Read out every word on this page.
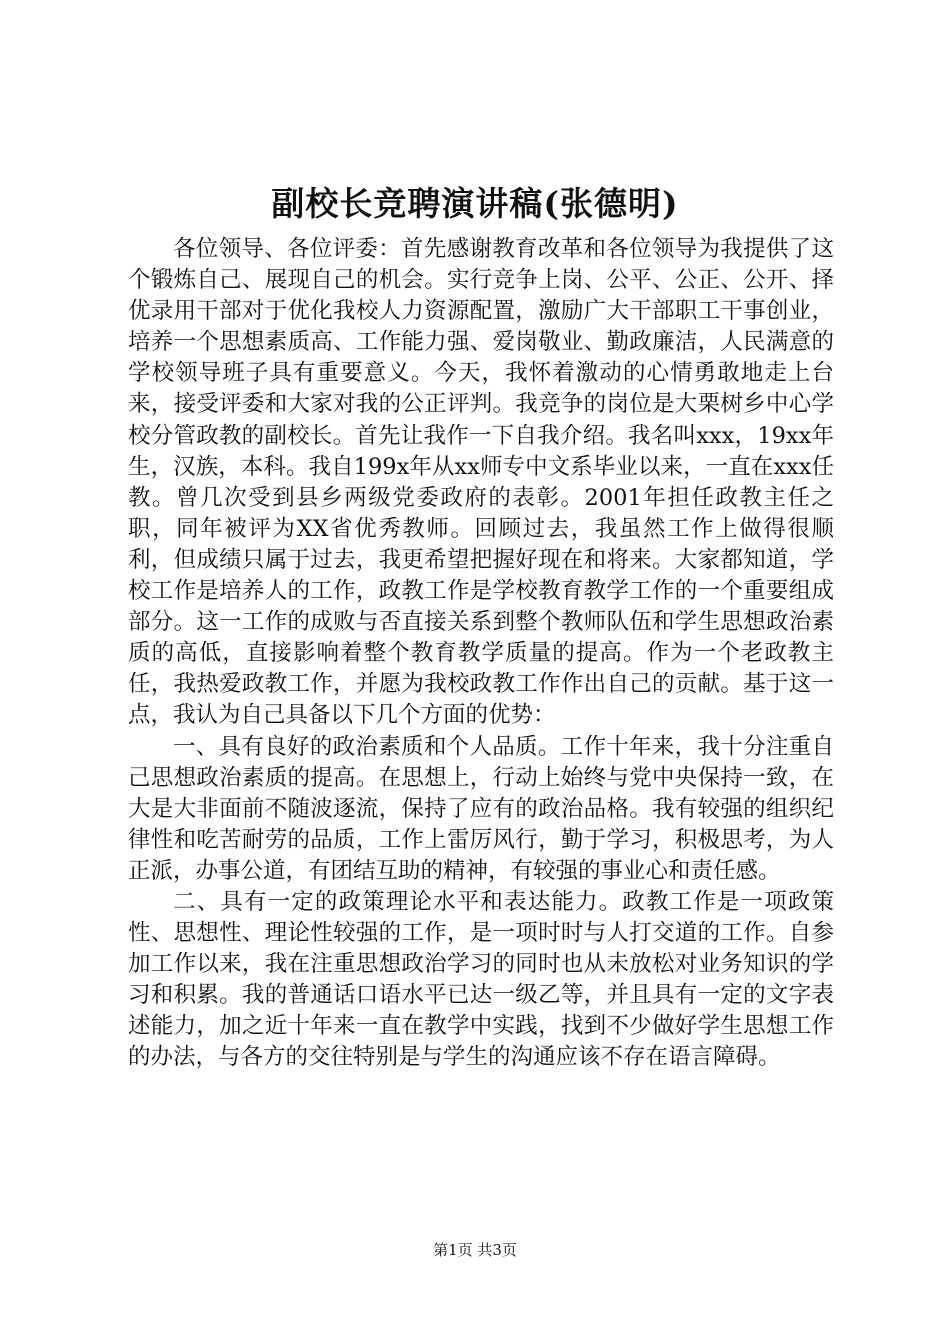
副校长竞聘演讲稿(张德明)

各位领导、各位评委：首先感谢教育改革和各位领导为我提供了这个锻炼自己、展现自己的机会。实行竞争上岗、公平、公正、公开、择优录用干部对于优化我校人力资源配置，激励广大干部职工干事创业，培养一个思想素质高、工作能力强、爱岗敬业、勤政廉洁，人民满意的学校领导班子具有重要意义。今天，我怀着激动的心情勇敢地走上台来，接受评委和大家对我的公正评判。我竞争的岗位是大栗树乡中心学校分管政教的副校长。首先让我作一下自我介绍。我名叫xxx，19xx年生，汉族，本科。我自199x年从xx师专中文系毕业以来，一直在xxx任教。曾几次受到县乡两级党委政府的表彰。2001年担任政教主任之职，同年被评为XX省优秀教师。回顾过去，我虽然工作上做得很顺利，但成绩只属于过去，我更希望把握好现在和将来。大家都知道，学校工作是培养人的工作，政教工作是学校教育教学工作的一个重要组成部分。这一工作的成败与否直接关系到整个教师队伍和学生思想政治素质的高低，直接影响着整个教育教学质量的提高。作为一个老政教主任，我热爱政教工作，并愿为我校政教工作作出自己的贡献。基于这一点，我认为自己具备以下几个方面的优势：

一、具有良好的政治素质和个人品质。工作十年来，我十分注重自己思想政治素质的提高。在思想上，行动上始终与党中央保持一致，在大是大非面前不随波逐流，保持了应有的政治品格。我有较强的组织纪律性和吃苦耐劳的品质，工作上雷厉风行，勤于学习，积极思考，为人正派，办事公道，有团结互助的精神，有较强的事业心和责任感。

二、具有一定的政策理论水平和表达能力。政教工作是一项政策性、思想性、理论性较强的工作，是一项时时与人打交道的工作。自参加工作以来，我在注重思想政治学习的同时也从未放松对业务知识的学习和积累。我的普通话口语水平已达一级乙等，并且具有一定的文字表述能力，加之近十年来一直在教学中实践，找到不少做好学生思想工作的办法，与各方的交往特别是与学生的沟通应该不存在语言障碍。

第1页 共3页
